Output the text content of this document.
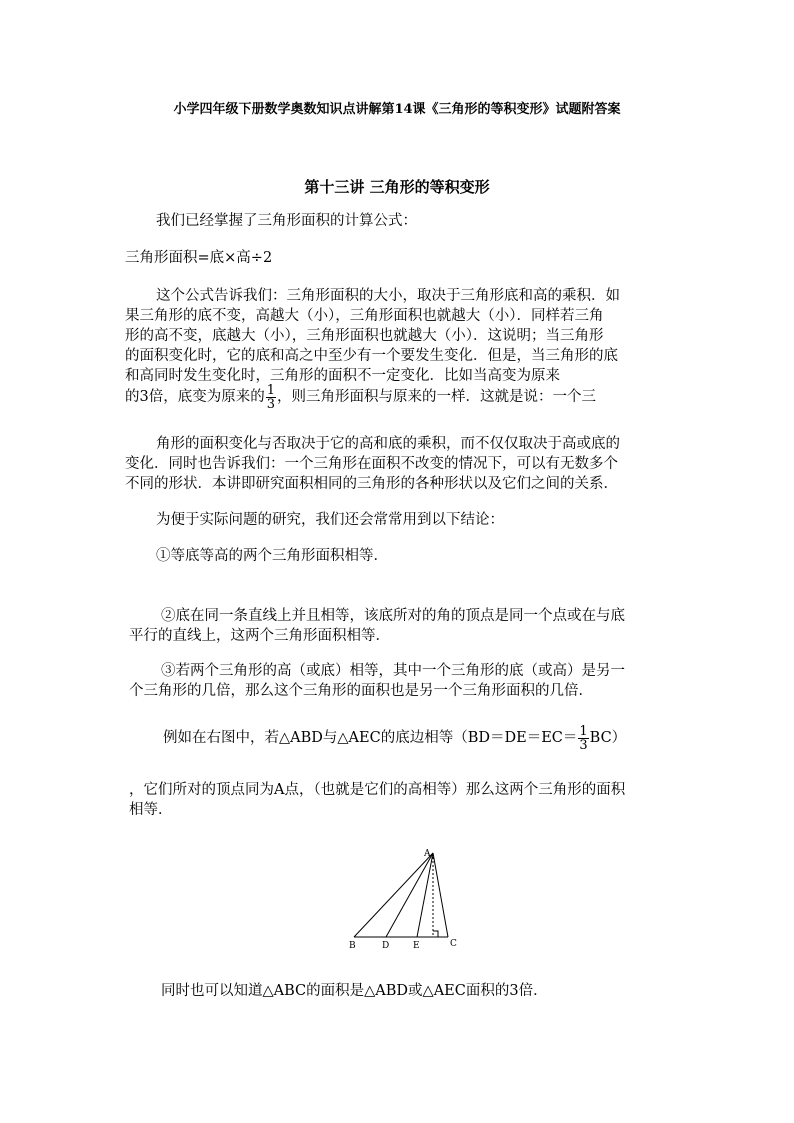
小学四年级下册数学奥数知识点讲解第14课《三角形的等积变形》试题附答案
第十三讲 三角形的等积变形
我们已经掌握了三角形面积的计算公式：
三角形面积=底×高÷2
这个公式告诉我们：三角形面积的大小，取决于三角形底和高的乘积．如
果三角形的底不变，高越大（小），三角形面积也就越大（小）．同样若三角
形的高不变，底越大（小），三角形面积也就越大（小）．这说明；当三角形
的面积变化时，它的底和高之中至少有一个要发生变化．但是，当三角形的底
和高同时发生变化时，三角形的面积不一定变化．比如当高变为原来
的3倍，底变为原来的 $\frac{1}{3}$ ，则三角形面积与原来的一样．这就是说：一个三
角形的面积变化与否取决于它的高和底的乘积，而不仅仅取决于高或底的
变化．同时也告诉我们：一个三角形在面积不改变的情况下，可以有无数多个
不同的形状．本讲即研究面积相同的三角形的各种形状以及它们之间的关系．
为便于实际问题的研究，我们还会常常用到以下结论：
①等底等高的两个三角形面积相等．
②底在同一条直线上并且相等，该底所对的角的顶点是同一个点或在与底
平行的直线上，这两个三角形面积相等．
③若两个三角形的高（或底）相等，其中一个三角形的底（或高）是另一
个三角形的几倍，那么这个三角形的面积也是另一个三角形面积的几倍．
例如在右图中，若△ABD与△AEC的底边相等$(BD=DE=EC= \frac{1}{3} BC)$
，它们所对的顶点同为A点，（也就是它们的高相等）那么这两个三角形的面积
相等．
A
B	D	E	C
同时也可以知道△ABC的面积是△ABD或△AEC面积的3倍．
